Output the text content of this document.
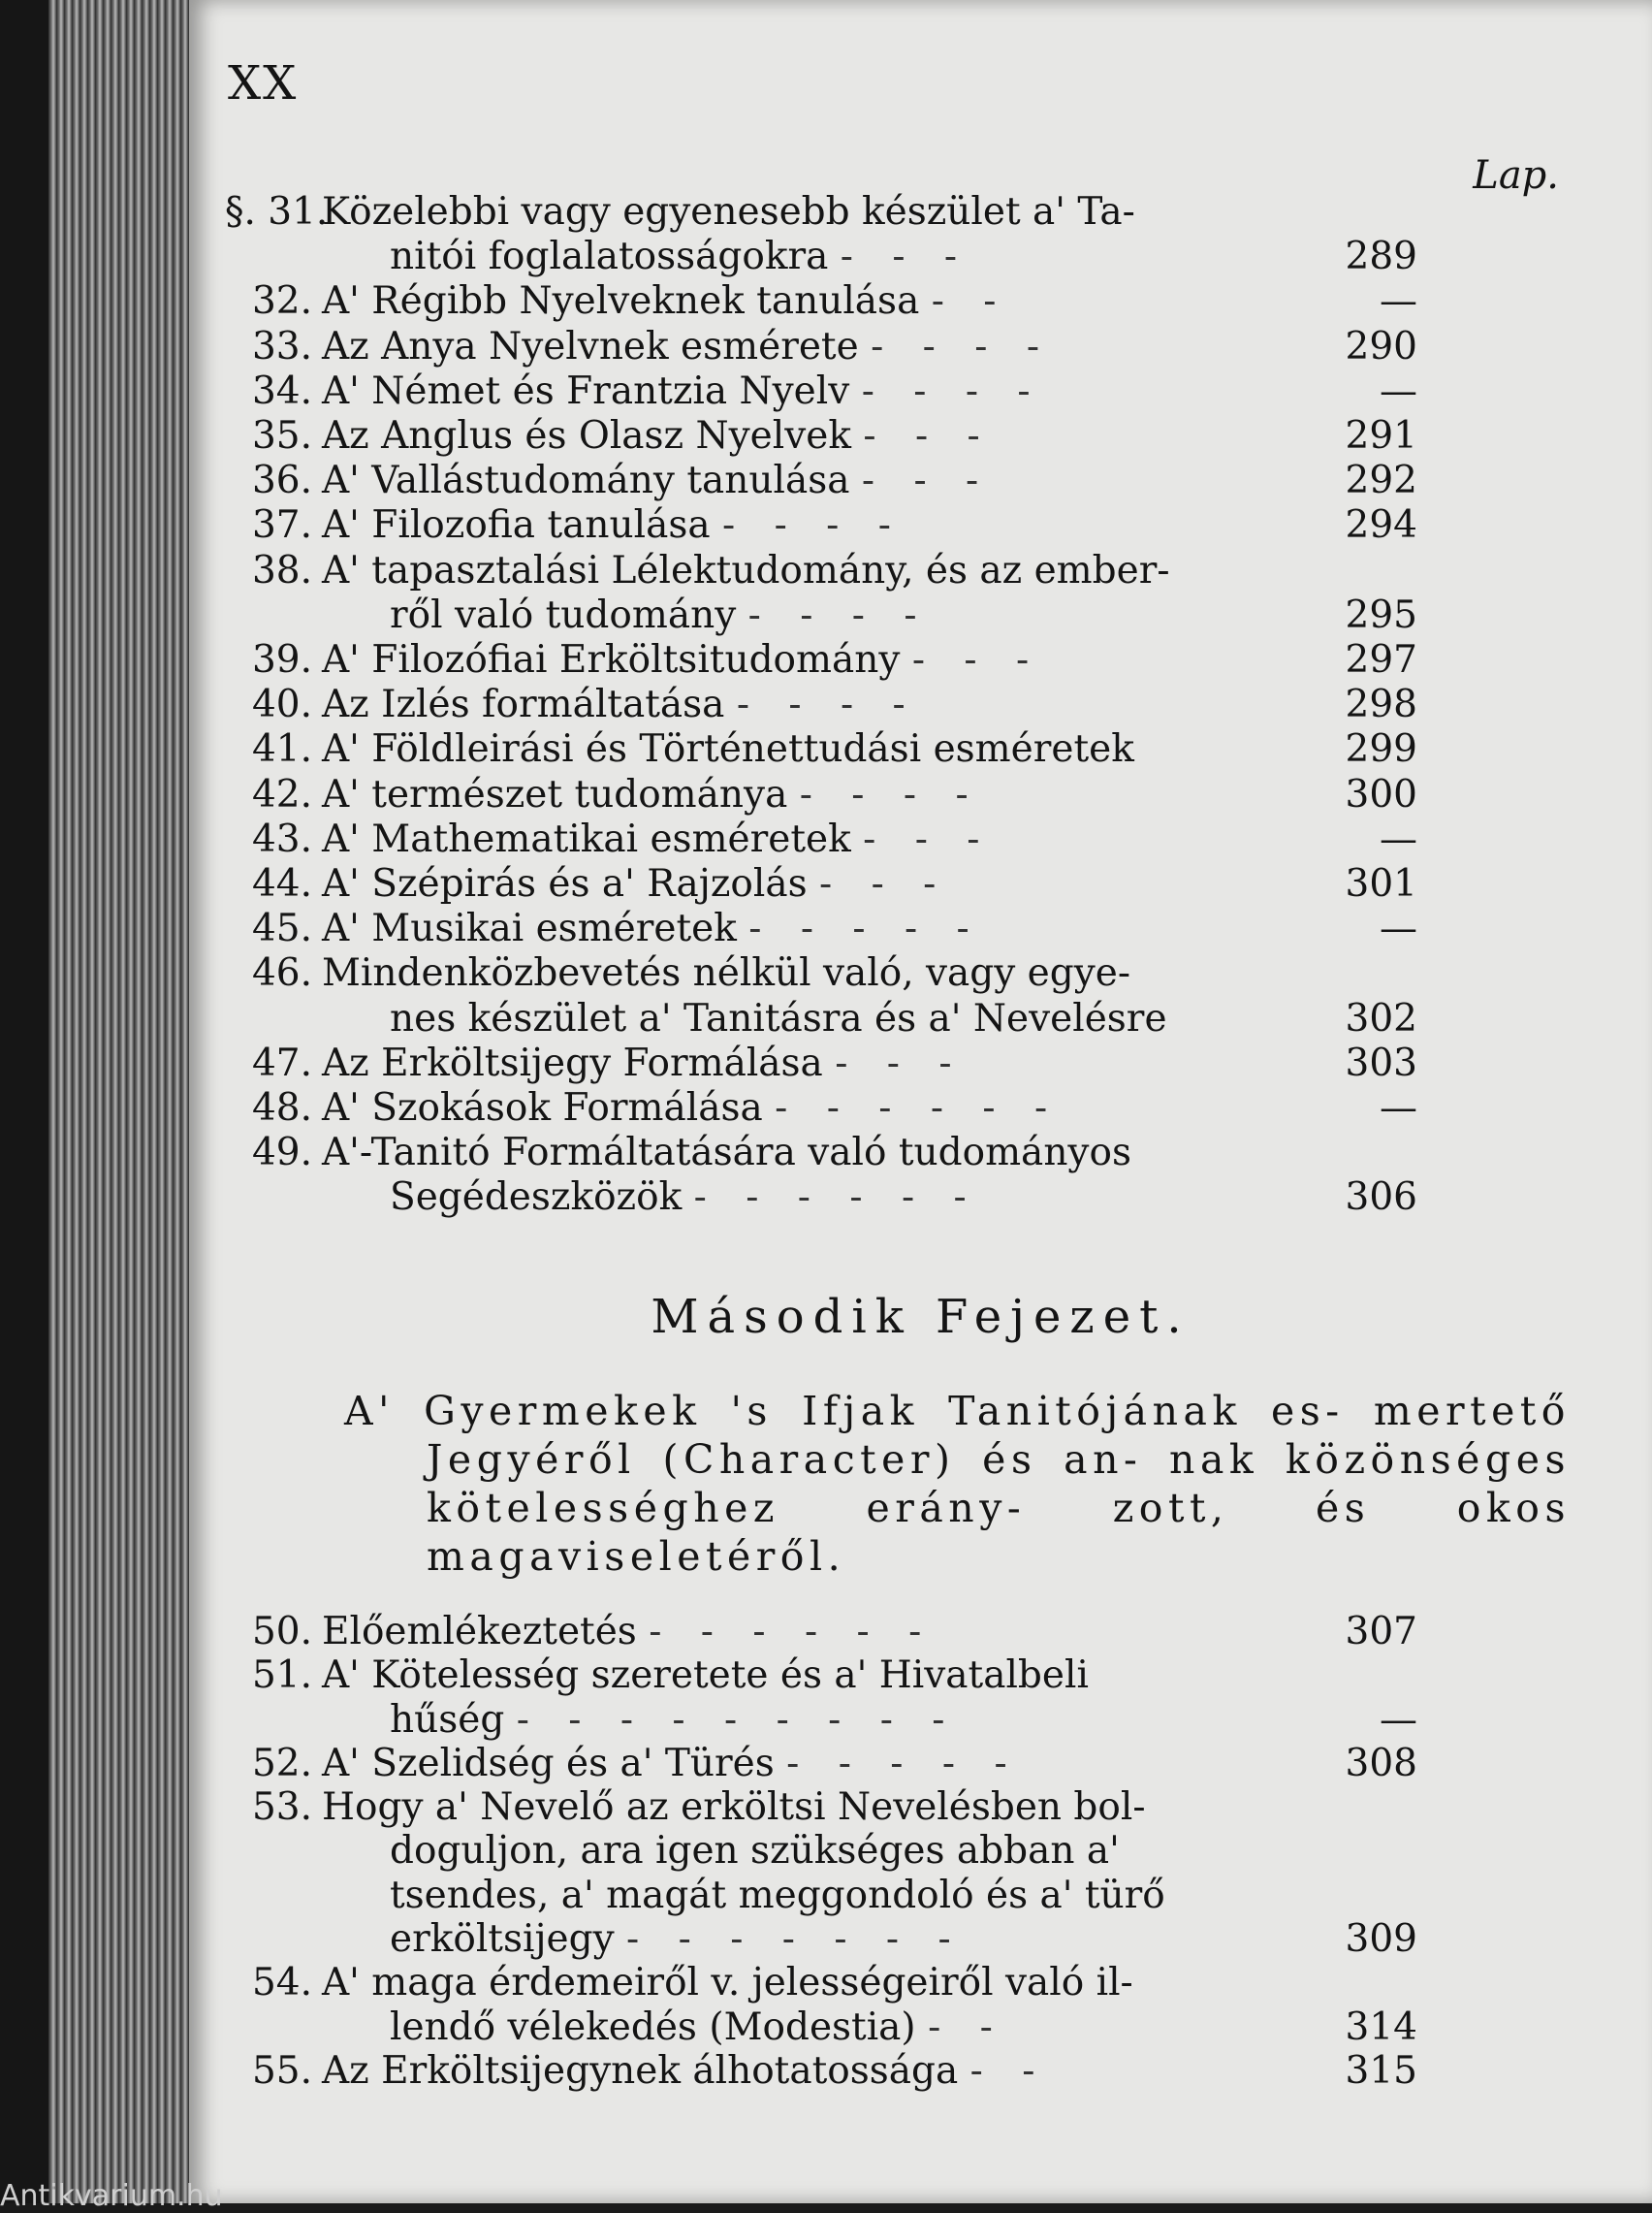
XX
Lap.
§. 31.
Közelebbi vagy egyenesebb készület a' Ta-
nitói foglalatosságokra - - -	289
32. A' Régibb Nyelveknek tanulása - -	—
33. Az Anya Nyelvnek esmérete - - - -	290
34. A' Német és Frantzia Nyelv - - - -	—
35. Az Anglus és Olasz Nyelvek - - -	291
36. A' Vallástudomány tanulása - - -	292
37. A' Filozofia tanulása - - - -	294
38. A' tapasztalási Lélektudomány, és az ember-
ről való tudomány - - - -	295
39. A' Filozófiai Erköltsitudomány - - -	297
40. Az Izlés formáltatása - - - -	298
41. A' Földleirási és Történettudási esméretek	299
42. A' természet tudománya - - - -	300
43. A' Mathematikai esméretek - - -	—
44. A' Szépirás és a' Rajzolás - - -	301
45. A' Musikai esméretek - - - - -	—
46. Mindenközbevetés nélkül való, vagy egye-
nes készület a' Tanitásra és a' Nevelésre	302
47. Az Erköltsijegy Formálása - - -	303
48. A' Szokások Formálása - - - - - -	—
49. A'-Tanitó Formáltatására való tudományos
Segédeszközök - - - - - -	306
Második Fejezet.
A' Gyermekek 's Ifjak Tanitójának es- mertető Jegyéről (Character) és an- nak közönséges kötelességhez erány- zott, és okos magaviseletéről.
50. Előemlékeztetés - - - - - -	307
51. A' Kötelesség szeretete és a' Hivatalbeli
hűség - - - - - - - - -	—
52. A' Szelidség és a' Türés - - - - -	308
53. Hogy a' Nevelő az erköltsi Nevelésben bol-
doguljon, ara igen szükséges abban a'
tsendes, a' magát meggondoló és a' türő
erköltsijegy - - - - - - -	309
54. A' maga érdemeiről v. jelességeiről való il-
lendő vélekedés (Modestia) - -	314
55. Az Erköltsijegynek álhotatossága - -	315
Antikvarium.hu
